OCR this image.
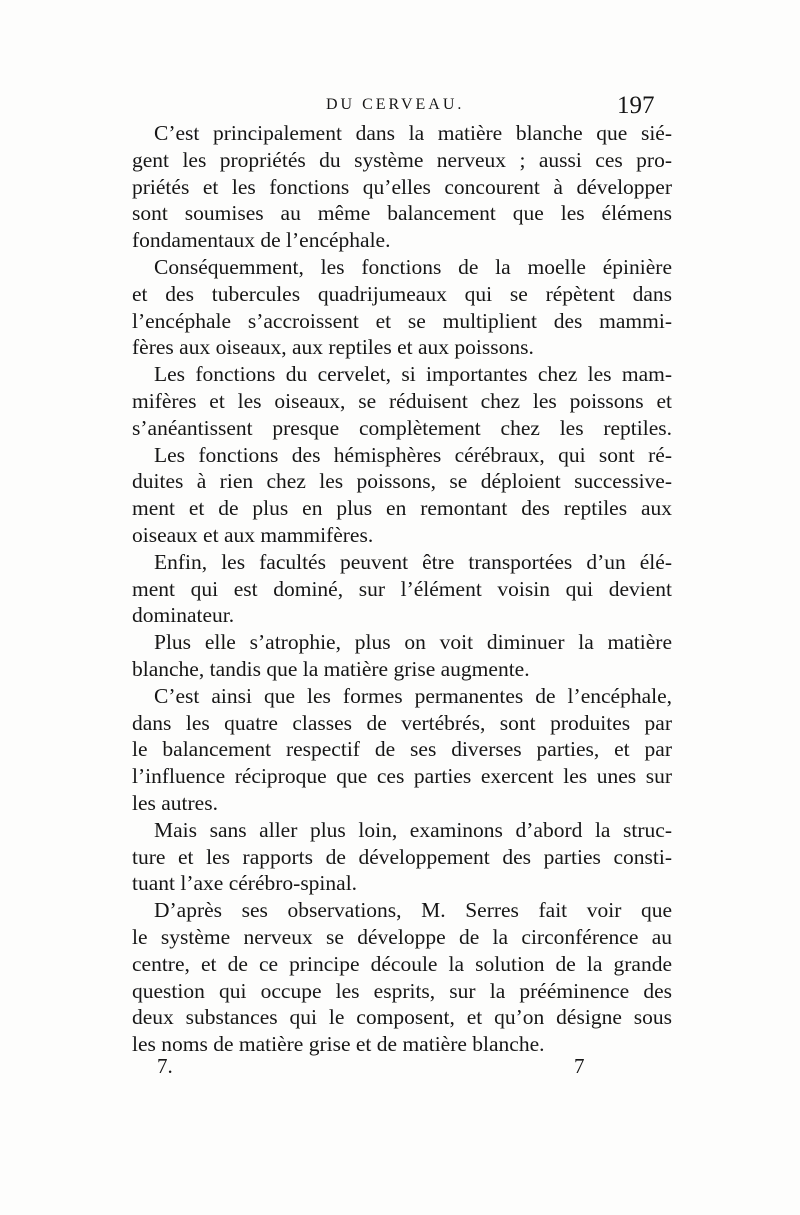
DU CERVEAU.	197
C’est principalement dans la matière blanche que sié-
gent les propriétés du système nerveux ; aussi ces pro-
priétés et les fonctions qu’elles concourent à développer
sont soumises au même balancement que les élémens
fondamentaux de l’encéphale.
Conséquemment, les fonctions de la moelle épinière
et des tubercules quadrijumeaux qui se répètent dans
l’encéphale s’accroissent et se multiplient des mammi-
fères aux oiseaux, aux reptiles et aux poissons.
Les fonctions du cervelet, si importantes chez les mam-
mifères et les oiseaux, se réduisent chez les poissons et
s’anéantissent presque complètement chez les reptiles.
Les fonctions des hémisphères cérébraux, qui sont ré-
duites à rien chez les poissons, se déploient successive-
ment et de plus en plus en remontant des reptiles aux
oiseaux et aux mammifères.
Enfin, les facultés peuvent être transportées d’un élé-
ment qui est dominé, sur l’élément voisin qui devient
dominateur.
Plus elle s’atrophie, plus on voit diminuer la matière
blanche, tandis que la matière grise augmente.
C’est ainsi que les formes permanentes de l’encéphale,
dans les quatre classes de vertébrés, sont produites par
le balancement respectif de ses diverses parties, et par
l’influence réciproque que ces parties exercent les unes sur
les autres.
Mais sans aller plus loin, examinons d’abord la struc-
ture et les rapports de développement des parties consti-
tuant l’axe cérébro-spinal.
D’après ses observations, M. Serres fait voir que
le système nerveux se développe de la circonférence au
centre, et de ce principe découle la solution de la grande
question qui occupe les esprits, sur la prééminence des
deux substances qui le composent, et qu’on désigne sous
les noms de matière grise et de matière blanche.
7.	7
